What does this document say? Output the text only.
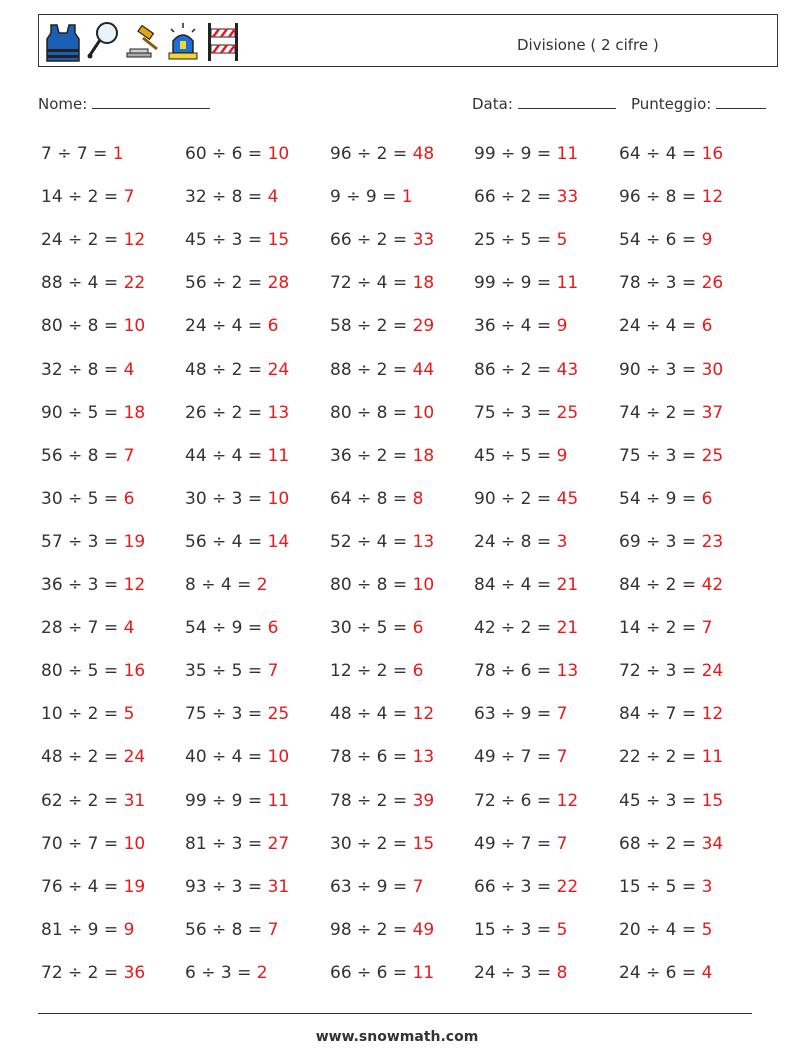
Divisione ( 2 cifre )
Nome:	Data:	Punteggio:
7 ÷ 7 = 1	60 ÷ 6 = 10 96 ÷ 2 = 48 99 ÷ 9 = 11 64 ÷ 4 = 16
14 ÷ 2 = 7	32 ÷ 8 = 4	9 ÷ 9 = 1	66 ÷ 2 = 33 96 ÷ 8 = 12
24 ÷ 2 = 12 45 ÷ 3 = 15 66 ÷ 2 = 33 25 ÷ 5 = 5	54 ÷ 6 = 9
88 ÷ 4 = 22 56 ÷ 2 = 28 72 ÷ 4 = 18 99 ÷ 9 = 11 78 ÷ 3 = 26
80 ÷ 8 = 10 24 ÷ 4 = 6	58 ÷ 2 = 29 36 ÷ 4 = 9	24 ÷ 4 = 6
32 ÷ 8 = 4	48 ÷ 2 = 24 88 ÷ 2 = 44 86 ÷ 2 = 43 90 ÷ 3 = 30
90 ÷ 5 = 18 26 ÷ 2 = 13 80 ÷ 8 = 10 75 ÷ 3 = 25 74 ÷ 2 = 37
56 ÷ 8 = 7	44 ÷ 4 = 11 36 ÷ 2 = 18 45 ÷ 5 = 9	75 ÷ 3 = 25
30 ÷ 5 = 6	30 ÷ 3 = 10 64 ÷ 8 = 8	90 ÷ 2 = 45 54 ÷ 9 = 6
57 ÷ 3 = 19 56 ÷ 4 = 14 52 ÷ 4 = 13 24 ÷ 8 = 3	69 ÷ 3 = 23
36 ÷ 3 = 12 8 ÷ 4 = 2	80 ÷ 8 = 10 84 ÷ 4 = 21 84 ÷ 2 = 42
28 ÷ 7 = 4	54 ÷ 9 = 6	30 ÷ 5 = 6	42 ÷ 2 = 21 14 ÷ 2 = 7
80 ÷ 5 = 16 35 ÷ 5 = 7	12 ÷ 2 = 6	78 ÷ 6 = 13 72 ÷ 3 = 24
10 ÷ 2 = 5	75 ÷ 3 = 25 48 ÷ 4 = 12 63 ÷ 9 = 7	84 ÷ 7 = 12
48 ÷ 2 = 24 40 ÷ 4 = 10 78 ÷ 6 = 13 49 ÷ 7 = 7	22 ÷ 2 = 11
62 ÷ 2 = 31 99 ÷ 9 = 11 78 ÷ 2 = 39 72 ÷ 6 = 12 45 ÷ 3 = 15
70 ÷ 7 = 10 81 ÷ 3 = 27 30 ÷ 2 = 15 49 ÷ 7 = 7	68 ÷ 2 = 34
76 ÷ 4 = 19 93 ÷ 3 = 31 63 ÷ 9 = 7	66 ÷ 3 = 22 15 ÷ 5 = 3
81 ÷ 9 = 9	56 ÷ 8 = 7	98 ÷ 2 = 49 15 ÷ 3 = 5	20 ÷ 4 = 5
72 ÷ 2 = 36 6 ÷ 3 = 2	66 ÷ 6 = 11 24 ÷ 3 = 8	24 ÷ 6 = 4
www.snowmath.com
